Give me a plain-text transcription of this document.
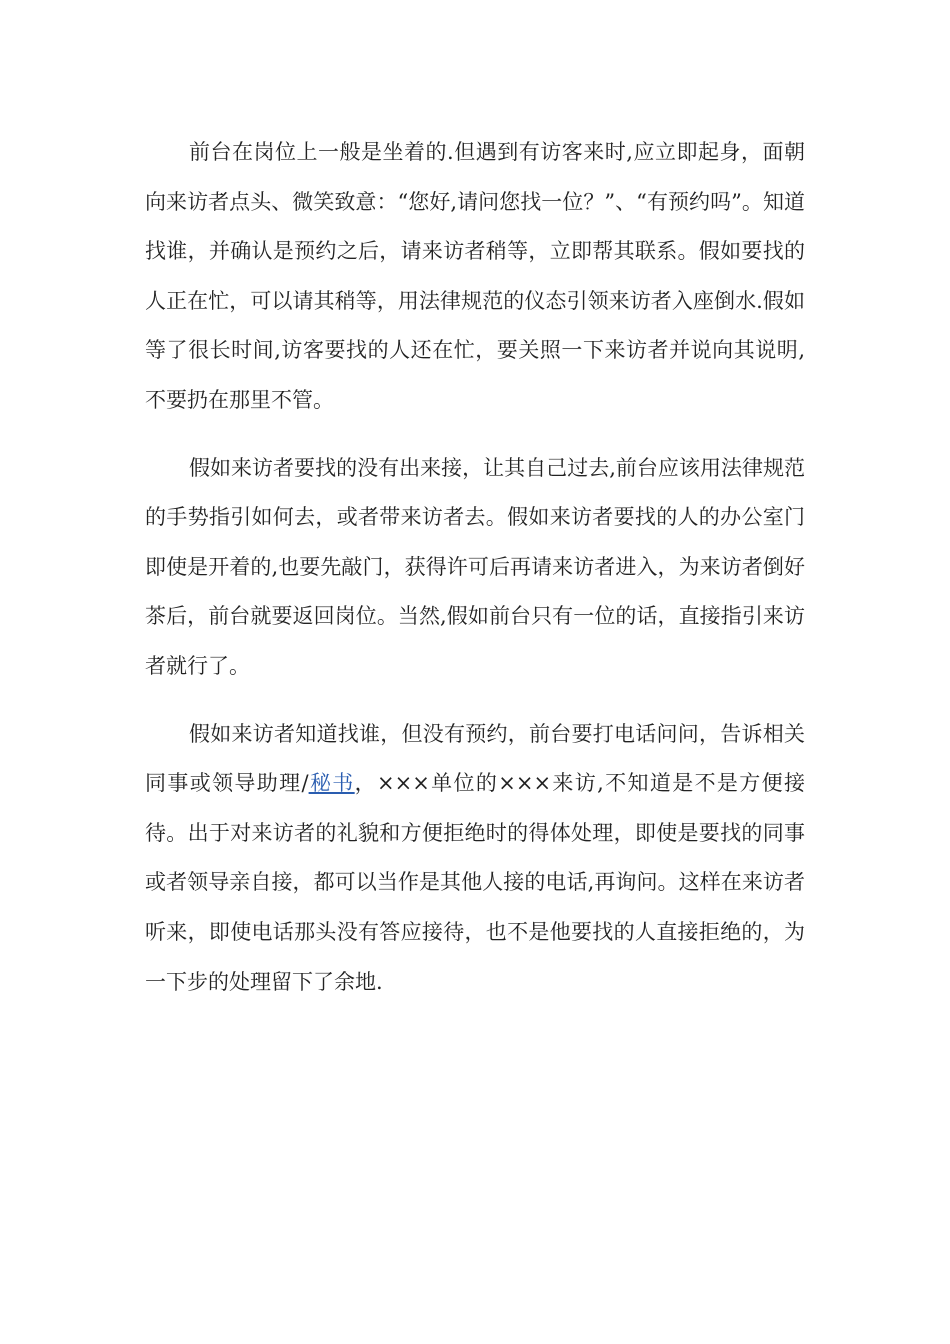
前台在岗位上一般是坐着的.但遇到有访客来时,应立即起身，面朝向来访者点头、微笑致意：“您好,请问您找一位？”、“有预约吗”。知道找谁，并确认是预约之后，请来访者稍等，立即帮其联系。假如要找的人正在忙，可以请其稍等，用法律规范的仪态引领来访者入座倒水.假如等了很长时间,访客要找的人还在忙，要关照一下来访者并说向其说明,不要扔在那里不管。

假如来访者要找的没有出来接，让其自己过去,前台应该用法律规范的手势指引如何去，或者带来访者去。假如来访者要找的人的办公室门即使是开着的,也要先敲门，获得许可后再请来访者进入，为来访者倒好茶后，前台就要返回岗位。当然,假如前台只有一位的话，直接指引来访者就行了。

假如来访者知道找谁，但没有预约，前台要打电话问问，告诉相关同事或领导助理/秘书，×××单位的×××来访,不知道是不是方便接待。出于对来访者的礼貌和方便拒绝时的得体处理，即使是要找的同事或者领导亲自接，都可以当作是其他人接的电话,再询问。这样在来访者听来，即使电话那头没有答应接待，也不是他要找的人直接拒绝的，为一下步的处理留下了余地.
